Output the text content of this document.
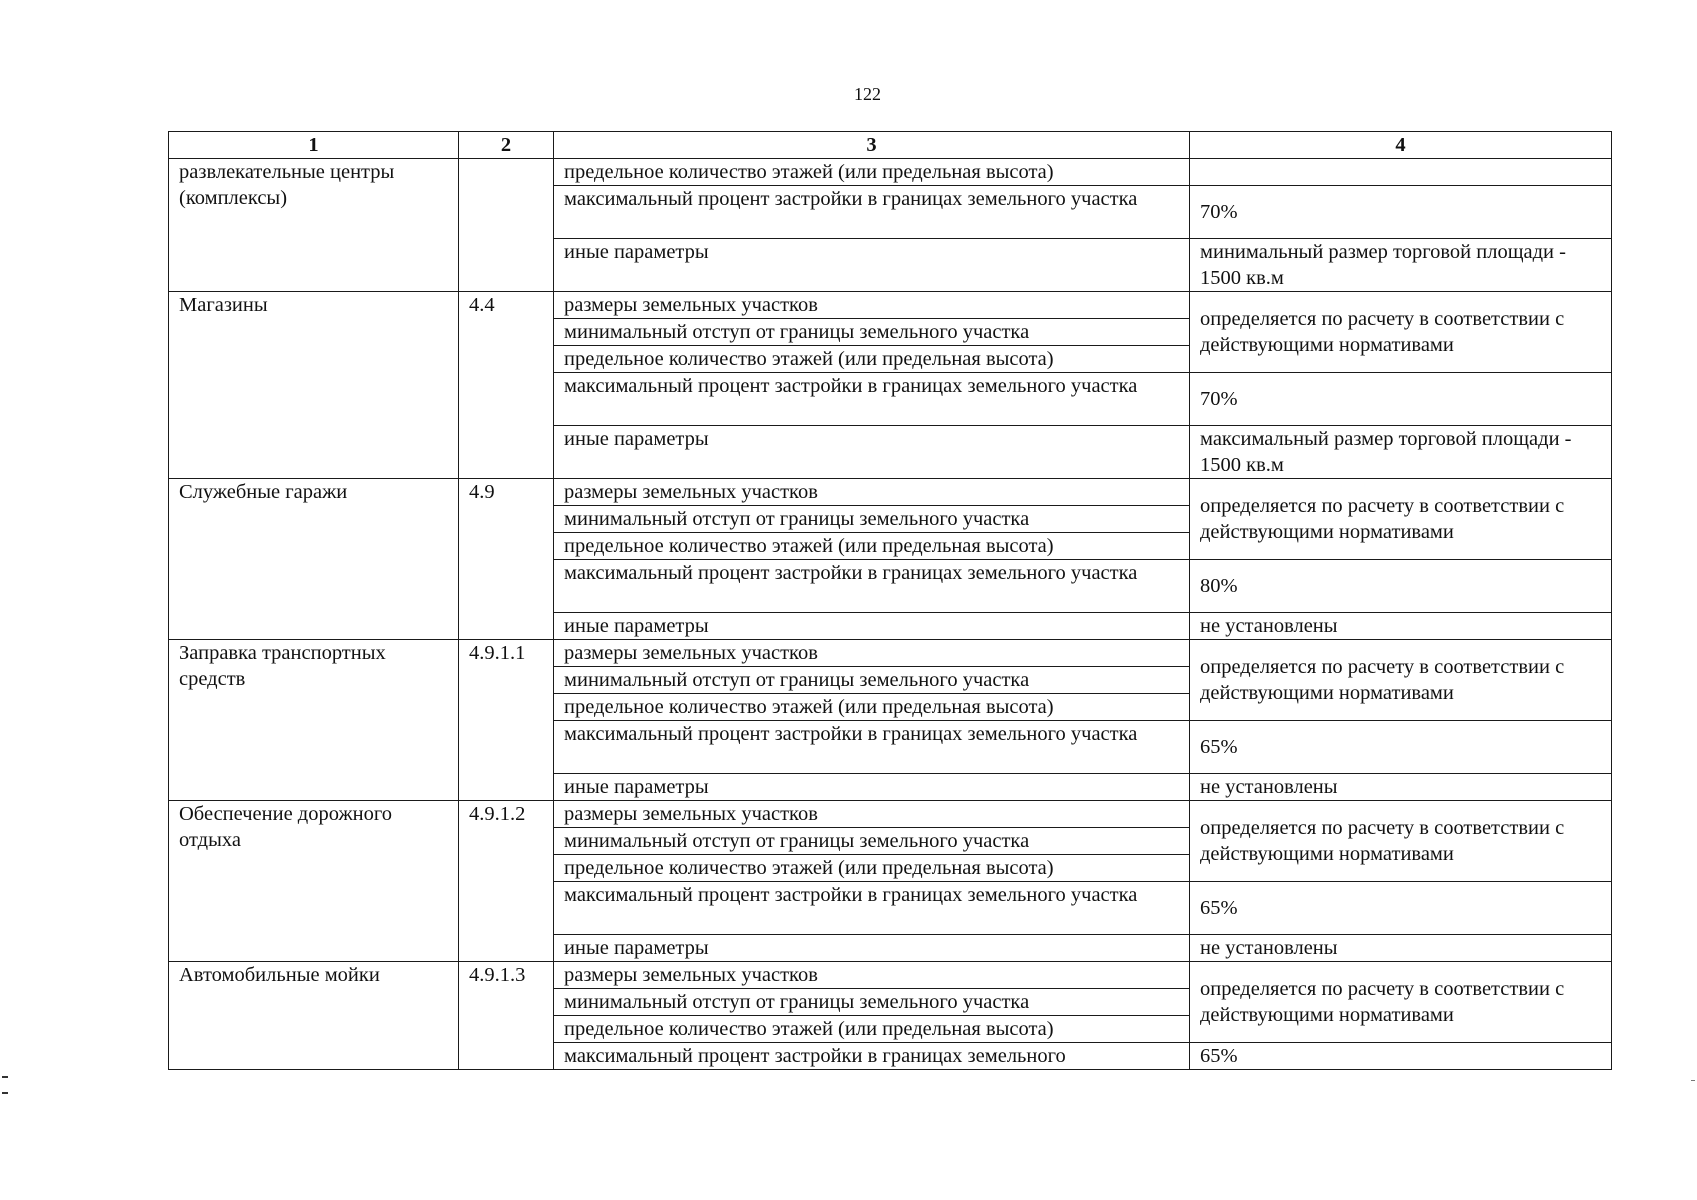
122
1	2	3	4
развлекательные центры (комплексы)		предельное количество этажей (или предельная высота)	
		максимальный процент застройки в границах земельного участка	70%
		иные параметры	минимальный размер торговой площади - 1500 кв.м
Магазины	4.4	размеры земельных участков	определяется по расчету в соответствии с действующими нормативами
		минимальный отступ от границы земельного участка	
		предельное количество этажей (или предельная высота)	
		максимальный процент застройки в границах земельного участка	70%
		иные параметры	максимальный размер торговой площади - 1500 кв.м
Служебные гаражи	4.9	размеры земельных участков	определяется по расчету в соответствии с действующими нормативами
		минимальный отступ от границы земельного участка	
		предельное количество этажей (или предельная высота)	
		максимальный процент застройки в границах земельного участка	80%
		иные параметры	не установлены
Заправка транспортных средств	4.9.1.1	размеры земельных участков	определяется по расчету в соответствии с действующими нормативами
		минимальный отступ от границы земельного участка	
		предельное количество этажей (или предельная высота)	
		максимальный процент застройки в границах земельного участка	65%
		иные параметры	не установлены
Обеспечение дорожного отдыха	4.9.1.2	размеры земельных участков	определяется по расчету в соответствии с действующими нормативами
		минимальный отступ от границы земельного участка	
		предельное количество этажей (или предельная высота)	
		максимальный процент застройки в границах земельного участка	65%
		иные параметры	не установлены
Автомобильные мойки	4.9.1.3	размеры земельных участков	определяется по расчету в соответствии с действующими нормативами
		минимальный отступ от границы земельного участка	
		предельное количество этажей (или предельная высота)	
		максимальный процент застройки в границах земельного	65%
